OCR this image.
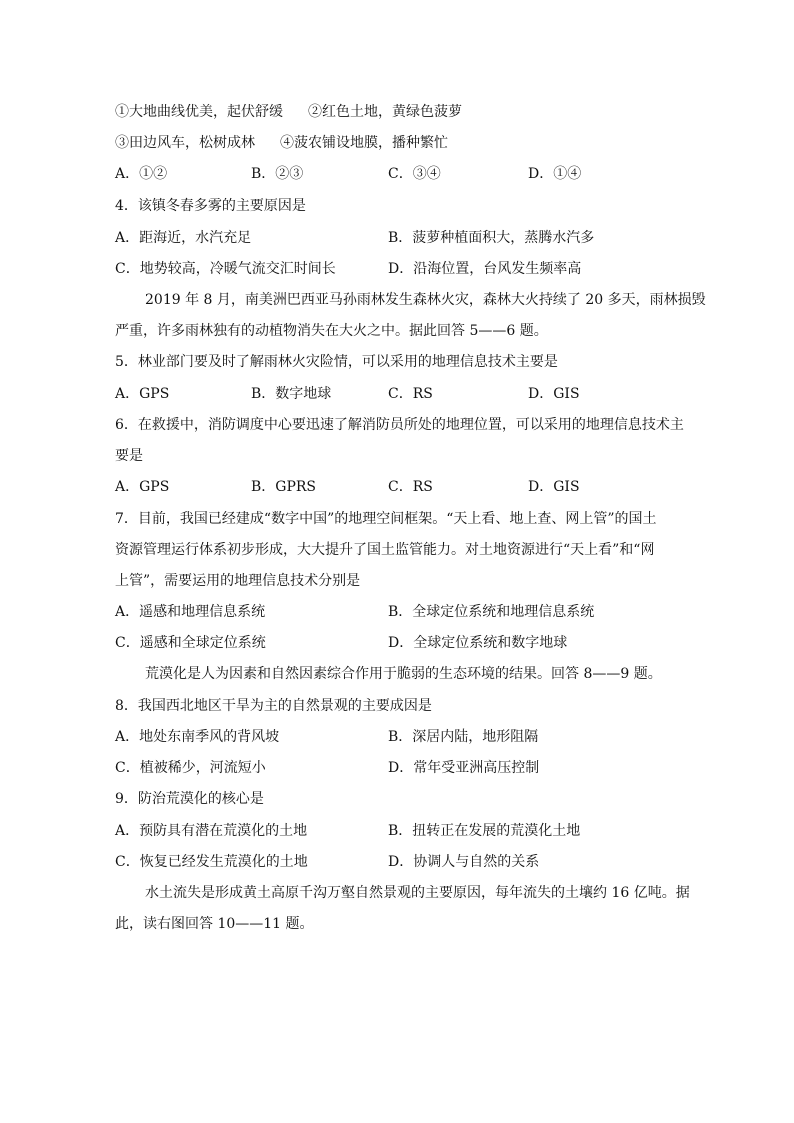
①大地曲线优美，起伏舒缓 ②红色土地，黄绿色菠萝
③田边风车，松树成林 ④菠农铺设地膜，播种繁忙
A．①②	B．②③	C．③④	D．①④
4．该镇冬春多雾的主要原因是
A．距海近，水汽充足	B．菠萝种植面积大，蒸腾水汽多
C．地势较高，冷暖气流交汇时间长	D．沿海位置，台风发生频率高
2019 年 8 月，南美洲巴西亚马孙雨林发生森林火灾，森林大火持续了 20 多天，雨林损毁
严重，许多雨林独有的动植物消失在大火之中。据此回答 5——6 题。
5．林业部门要及时了解雨林火灾险情，可以采用的地理信息技术主要是
A．GPS	B．数字地球	C．RS	D．GIS
6．在救援中，消防调度中心要迅速了解消防员所处的地理位置，可以采用的地理信息技术主
要是
A．GPS	B．GPRS	C．RS	D．GIS
7．目前，我国已经建成“数字中国”的地理空间框架。“天上看、地上查、网上管”的国土
资源管理运行体系初步形成，大大提升了国土监管能力。对土地资源进行“天上看”和“网
上管”，需要运用的地理信息技术分别是
A．遥感和地理信息系统	B．全球定位系统和地理信息系统
C．遥感和全球定位系统	D．全球定位系统和数字地球
荒漠化是人为因素和自然因素综合作用于脆弱的生态环境的结果。回答 8——9 题。
8．我国西北地区干旱为主的自然景观的主要成因是
A．地处东南季风的背风坡	B．深居内陆，地形阻隔
C．植被稀少，河流短小	D．常年受亚洲高压控制
9．防治荒漠化的核心是
A．预防具有潜在荒漠化的土地	B．扭转正在发展的荒漠化土地
C．恢复已经发生荒漠化的土地	D．协调人与自然的关系
水土流失是形成黄土高原千沟万壑自然景观的主要原因，每年流失的土壤约 16 亿吨。据
此，读右图回答 10——11 题。
